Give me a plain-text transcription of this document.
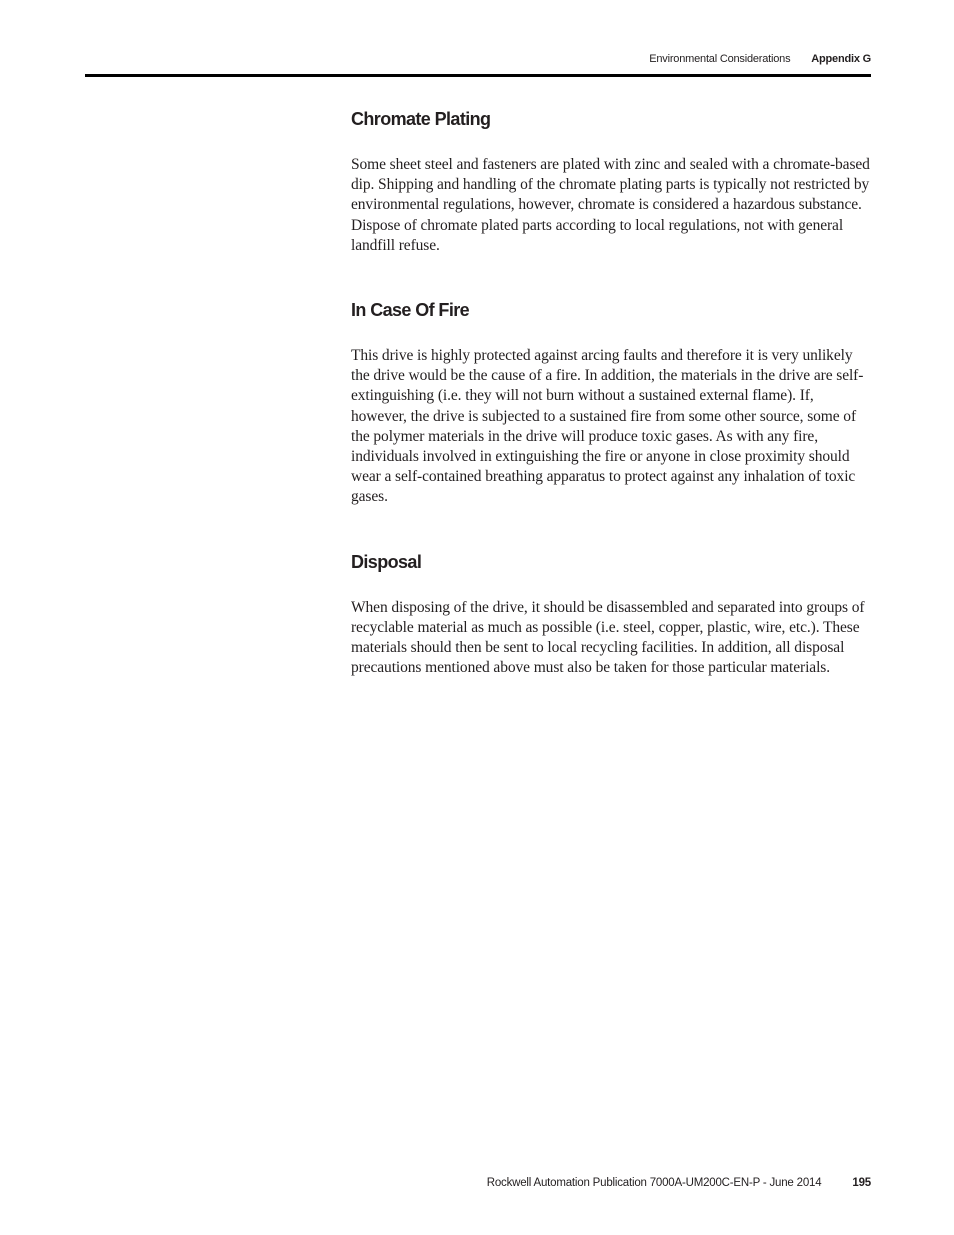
Environmental Considerations Appendix G
Chromate Plating

Some sheet steel and fasteners are plated with zinc and sealed with a chromate-based dip. Shipping and handling of the chromate plating parts is typically not restricted by environmental regulations, however, chromate is considered a hazardous substance. Dispose of chromate plated parts according to local regulations, not with general landfill refuse.

In Case Of Fire

This drive is highly protected against arcing faults and therefore it is very unlikely the drive would be the cause of a fire. In addition, the materials in the drive are self-extinguishing (i.e. they will not burn without a sustained external flame). If, however, the drive is subjected to a sustained fire from some other source, some of the polymer materials in the drive will produce toxic gases. As with any fire, individuals involved in extinguishing the fire or anyone in close proximity should wear a self-contained breathing apparatus to protect against any inhalation of toxic gases.

Disposal

When disposing of the drive, it should be disassembled and separated into groups of recyclable material as much as possible (i.e. steel, copper, plastic, wire, etc.). These materials should then be sent to local recycling facilities. In addition, all disposal precautions mentioned above must also be taken for those particular materials.

Rockwell Automation Publication 7000A-UM200C-EN-P - June 2014	195
